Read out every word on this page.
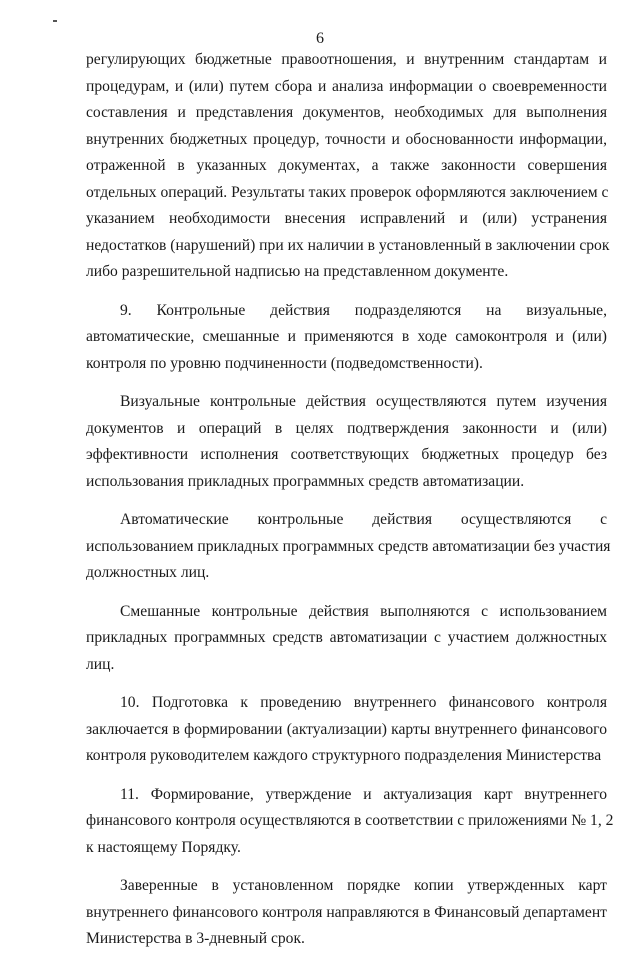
6
регулирующих бюджетные правоотношения, и внутренним стандартам и
процедурам, и (или) путем сбора и анализа информации о своевременности
составления и представления документов, необходимых для выполнения
внутренних бюджетных процедур, точности и обоснованности информации,
отраженной в указанных документах, а также законности совершения
отдельных операций. Результаты таких проверок оформляются заключением с
указанием необходимости внесения исправлений и (или) устранения
недостатков (нарушений) при их наличии в установленный в заключении срок
либо разрешительной надписью на представленном документе.
9. Контрольные действия подразделяются на визуальные,
автоматические, смешанные и применяются в ходе самоконтроля и (или)
контроля по уровню подчиненности (подведомственности).
Визуальные контрольные действия осуществляются путем изучения
документов и операций в целях подтверждения законности и (или)
эффективности исполнения соответствующих бюджетных процедур без
использования прикладных программных средств автоматизации.
Автоматические контрольные действия осуществляются с
использованием прикладных программных средств автоматизации без участия
должностных лиц.
Смешанные контрольные действия выполняются с использованием
прикладных программных средств автоматизации с участием должностных
лиц.
10. Подготовка к проведению внутреннего финансового контроля
заключается в формировании (актуализации) карты внутреннего финансового
контроля руководителем каждого структурного подразделения Министерства
11. Формирование, утверждение и актуализация карт внутреннего
финансового контроля осуществляются в соответствии с приложениями № 1, 2
к настоящему Порядку.
Заверенные в установленном порядке копии утвержденных карт
внутреннего финансового контроля направляются в Финансовый департамент
Министерства в 3-дневный срок.
